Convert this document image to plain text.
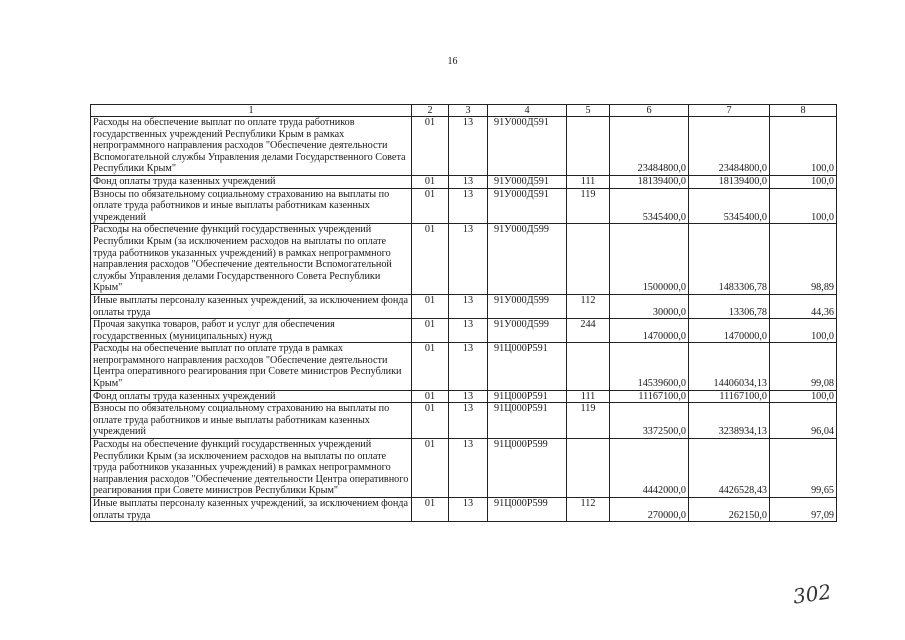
16
1	2	3	4	5	6	7	8
Расходы на обеспечение выплат по оплате труда работников государственных учреждений Республики Крым в рамках непрограммного направления расходов "Обеспечение деятельности Вспомогательной службы Управления делами Государственного Совета Республики Крым"	01	13	91У000Д591		23484800,0	23484800,0	100,0
Фонд оплаты труда казенных учреждений	01	13	91У000Д591	111	18139400,0	18139400,0	100,0
Взносы по обязательному социальному страхованию на выплаты по оплате труда работников и иные выплаты работникам казенных учреждений	01	13	91У000Д591	119	5345400,0	5345400,0	100,0
Расходы на обеспечение функций государственных учреждений Республики Крым (за исключением расходов на выплаты по оплате труда работников указанных учреждений) в рамках непрограммного направления расходов "Обеспечение деятельности Вспомогательной службы Управления делами Государственного Совета Республики Крым"	01	13	91У000Д599		1500000,0	1483306,78	98,89
Иные выплаты персоналу казенных учреждений, за исключением фонда оплаты труда	01	13	91У000Д599	112	30000,0	13306,78	44,36
Прочая закупка товаров, работ и услуг для обеспечения государственных (муниципальных) нужд	01	13	91У000Д599	244	1470000,0	1470000,0	100,0
Расходы на обеспечение выплат по оплате труда в рамках непрограммного направления расходов "Обеспечение деятельности Центра оперативного реагирования при Совете министров Республики Крым"	01	13	91Ц000Р591		14539600,0	14406034,13	99,08
Фонд оплаты труда казенных учреждений	01	13	91Ц000Р591	111	11167100,0	11167100,0	100,0
Взносы по обязательному социальному страхованию на выплаты по оплате труда работников и иные выплаты работникам казенных учреждений	01	13	91Ц000Р591	119	3372500,0	3238934,13	96,04
Расходы на обеспечение функций государственных учреждений Республики Крым (за исключением расходов на выплаты по оплате труда работников указанных учреждений) в рамках непрограммного направления расходов "Обеспечение деятельности Центра оперативного реагирования при Совете министров Республики Крым"	01	13	91Ц000Р599		4442000,0	4426528,43	99,65
Иные выплаты персоналу казенных учреждений, за исключением фонда оплаты труда	01	13	91Ц000Р599	112	270000,0	262150,0	97,09
302
